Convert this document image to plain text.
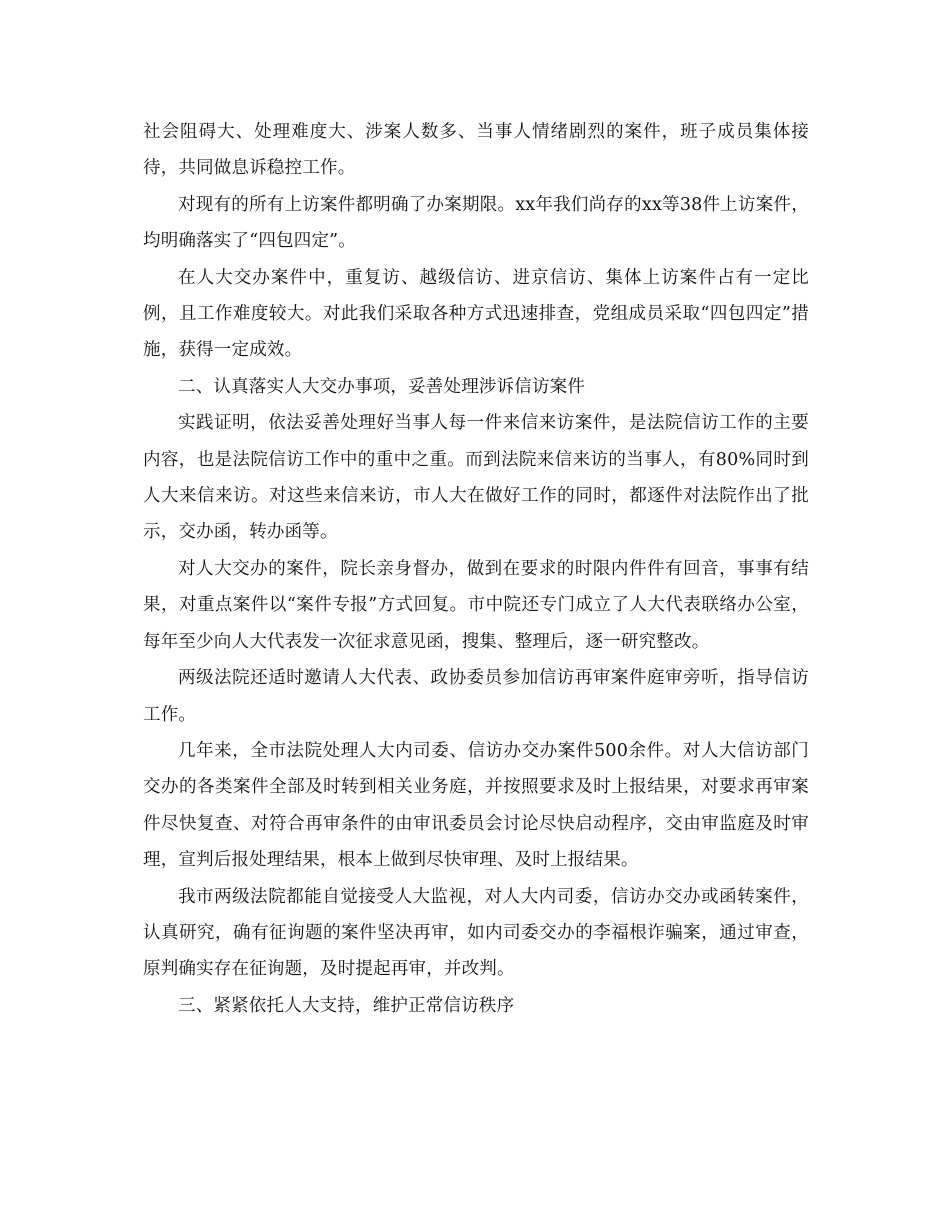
社会阻碍大、处理难度大、涉案人数多、当事人情绪剧烈的案件，班子成员集体接待，共同做息诉稳控工作。

对现有的所有上访案件都明确了办案期限。xx年我们尚存的xx等38件上访案件，均明确落实了“四包四定”。

在人大交办案件中，重复访、越级信访、进京信访、集体上访案件占有一定比例，且工作难度较大。对此我们采取各种方式迅速排查，党组成员采取“四包四定”措施，获得一定成效。

二、认真落实人大交办事项，妥善处理涉诉信访案件

实践证明，依法妥善处理好当事人每一件来信来访案件，是法院信访工作的主要内容，也是法院信访工作中的重中之重。而到法院来信来访的当事人，有80%同时到人大来信来访。对这些来信来访，市人大在做好工作的同时，都逐件对法院作出了批示，交办函，转办函等。

对人大交办的案件，院长亲身督办，做到在要求的时限内件件有回音，事事有结果，对重点案件以“案件专报”方式回复。市中院还专门成立了人大代表联络办公室，每年至少向人大代表发一次征求意见函，搜集、整理后，逐一研究整改。

两级法院还适时邀请人大代表、政协委员参加信访再审案件庭审旁听，指导信访工作。

几年来，全市法院处理人大内司委、信访办交办案件500余件。对人大信访部门交办的各类案件全部及时转到相关业务庭，并按照要求及时上报结果，对要求再审案件尽快复查、对符合再审条件的由审讯委员会讨论尽快启动程序，交由审监庭及时审理，宣判后报处理结果，根本上做到尽快审理、及时上报结果。

我市两级法院都能自觉接受人大监视，对人大内司委，信访办交办或函转案件，认真研究，确有征询题的案件坚决再审，如内司委交办的李福根诈骗案，通过审查，原判确实存在征询题，及时提起再审，并改判。

三、紧紧依托人大支持，维护正常信访秩序
